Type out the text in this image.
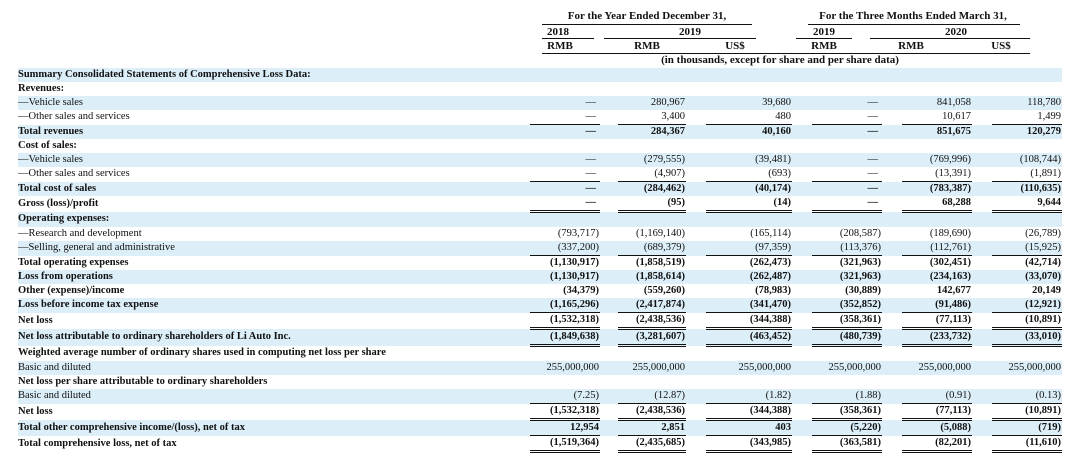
For the Year Ended December 31,	For the Three Months Ended March 31,
2018	2019	2019	2020
RMB	RMB	US$	RMB	RMB	US$
(in thousands, except for share and per share data)
Summary Consolidated Statements of Comprehensive Loss Data:											
Revenues:											
—Vehicle sales	—		280,967		39,680		—		841,058		118,780
—Other sales and services	—		3,400		480		—		10,617		1,499
Total revenues	—		284,367		40,160		—		851,675		120,279
Cost of sales:											
—Vehicle sales	—		(279,555)		(39,481)		—		(769,996)		(108,744)
—Other sales and services	—		(4,907)		(693)		—		(13,391)		(1,891)
Total cost of sales	—		(284,462)		(40,174)		—		(783,387)		(110,635)
Gross (loss)/profit	—		(95)		(14)		—		68,288		9,644
Operating expenses:											
—Research and development	(793,717)		(1,169,140)		(165,114)		(208,587)		(189,690)		(26,789)
—Selling, general and administrative	(337,200)		(689,379)		(97,359)		(113,376)		(112,761)		(15,925)
Total operating expenses	(1,130,917)		(1,858,519)		(262,473)		(321,963)		(302,451)		(42,714)
Loss from operations	(1,130,917)		(1,858,614)		(262,487)		(321,963)		(234,163)		(33,070)
Other (expense)/income	(34,379)		(559,260)		(78,983)		(30,889)		142,677		20,149
Loss before income tax expense	(1,165,296)		(2,417,874)		(341,470)		(352,852)		(91,486)		(12,921)
Net loss	(1,532,318)		(2,438,536)		(344,388)		(358,361)		(77,113)		(10,891)
Net loss attributable to ordinary shareholders of Li Auto Inc.	(1,849,638)		(3,281,607)		(463,452)		(480,739)		(233,732)		(33,010)
Weighted average number of ordinary shares used in computing net loss per share											
Basic and diluted	255,000,000		255,000,000		255,000,000		255,000,000		255,000,000		255,000,000
Net loss per share attributable to ordinary shareholders											
Basic and diluted	(7.25)		(12.87)		(1.82)		(1.88)		(0.91)		(0.13)
Net loss	(1,532,318)		(2,438,536)		(344,388)		(358,361)		(77,113)		(10,891)
Total other comprehensive income/(loss), net of tax	12,954		2,851		403		(5,220)		(5,088)		(719)
Total comprehensive loss, net of tax	(1,519,364)		(2,435,685)		(343,985)		(363,581)		(82,201)		(11,610)
